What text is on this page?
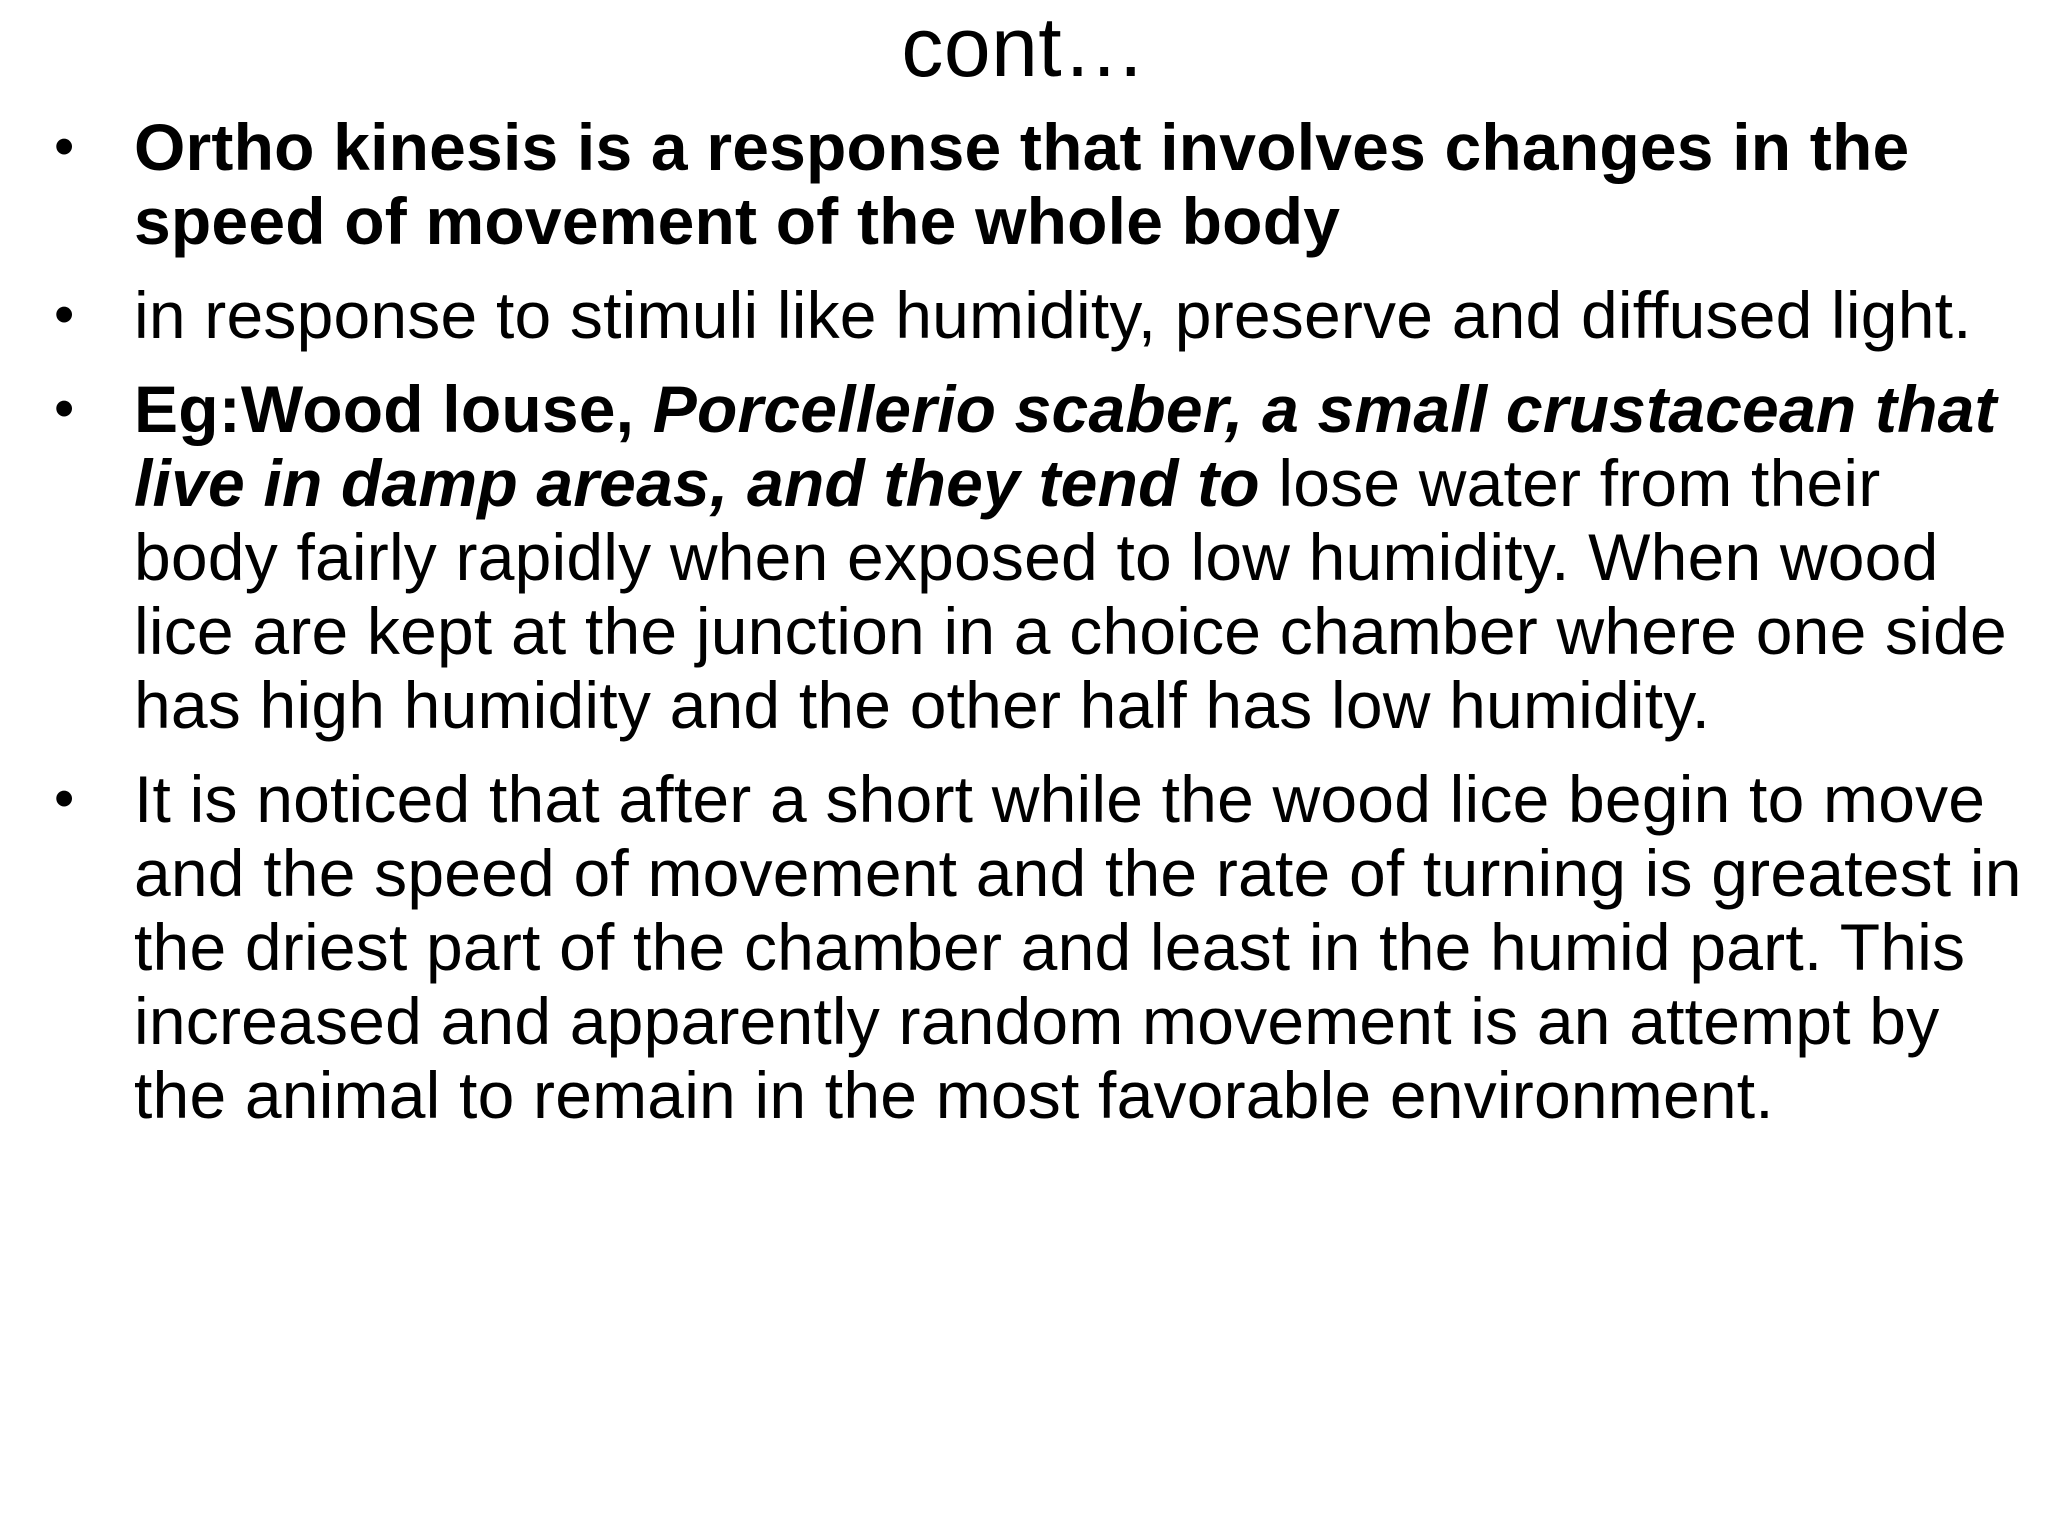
cont…
• Ortho kinesis is a response that involves changes in the speed of movement of the whole body
• in response to stimuli like humidity, preserve and diffused light.
• Eg:Wood louse, Porcellerio scaber, a small crustacean that live in damp areas, and they tend to lose water from their body fairly rapidly when exposed to low humidity. When wood lice are kept at the junction in a choice chamber where one side has high humidity and the other half has low humidity.
• It is noticed that after a short while the wood lice begin to move and the speed of movement and the rate of turning is greatest in the driest part of the chamber and least in the humid part. This increased and apparently random movement is an attempt by the animal to remain in the most favorable environment.
